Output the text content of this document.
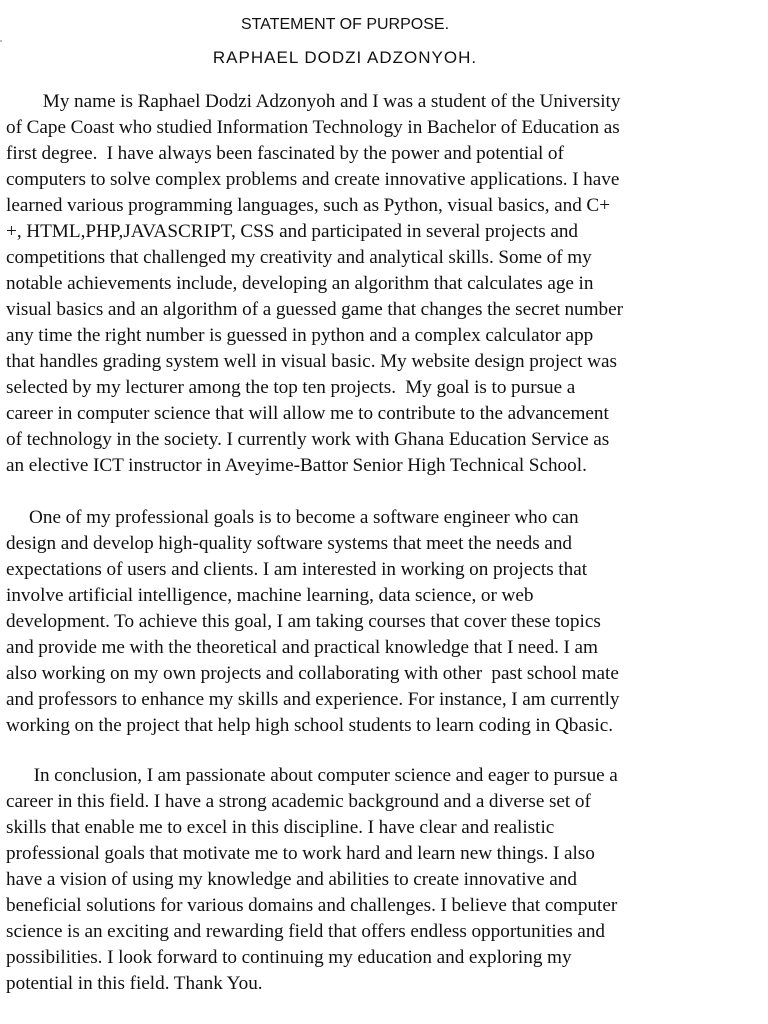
STATEMENT OF PURPOSE.
RAPHAEL DODZI ADZONYOH.

My name is Raphael Dodzi Adzonyoh and I was a student of the University
of Cape Coast who studied Information Technology in Bachelor of Education as
first degree.  I have always been fascinated by the power and potential of
computers to solve complex problems and create innovative applications. I have
learned various programming languages, such as Python, visual basics, and C+
+, HTML,PHP,JAVASCRIPT, CSS and participated in several projects and
competitions that challenged my creativity and analytical skills. Some of my
notable achievements include, developing an algorithm that calculates age in
visual basics and an algorithm of a guessed game that changes the secret number
any time the right number is guessed in python and a complex calculator app
that handles grading system well in visual basic. My website design project was
selected by my lecturer among the top ten projects.  My goal is to pursue a
career in computer science that will allow me to contribute to the advancement
of technology in the society. I currently work with Ghana Education Service as
an elective ICT instructor in Aveyime-Battor Senior High Technical School.

One of my professional goals is to become a software engineer who can
design and develop high-quality software systems that meet the needs and
expectations of users and clients. I am interested in working on projects that
involve artificial intelligence, machine learning, data science, or web
development. To achieve this goal, I am taking courses that cover these topics
and provide me with the theoretical and practical knowledge that I need. I am
also working on my own projects and collaborating with other  past school mate
and professors to enhance my skills and experience. For instance, I am currently
working on the project that help high school students to learn coding in Qbasic.

In conclusion, I am passionate about computer science and eager to pursue a
career in this field. I have a strong academic background and a diverse set of
skills that enable me to excel in this discipline. I have clear and realistic
professional goals that motivate me to work hard and learn new things. I also
have a vision of using my knowledge and abilities to create innovative and
beneficial solutions for various domains and challenges. I believe that computer
science is an exciting and rewarding field that offers endless opportunities and
possibilities. I look forward to continuing my education and exploring my
potential in this field. Thank You.
